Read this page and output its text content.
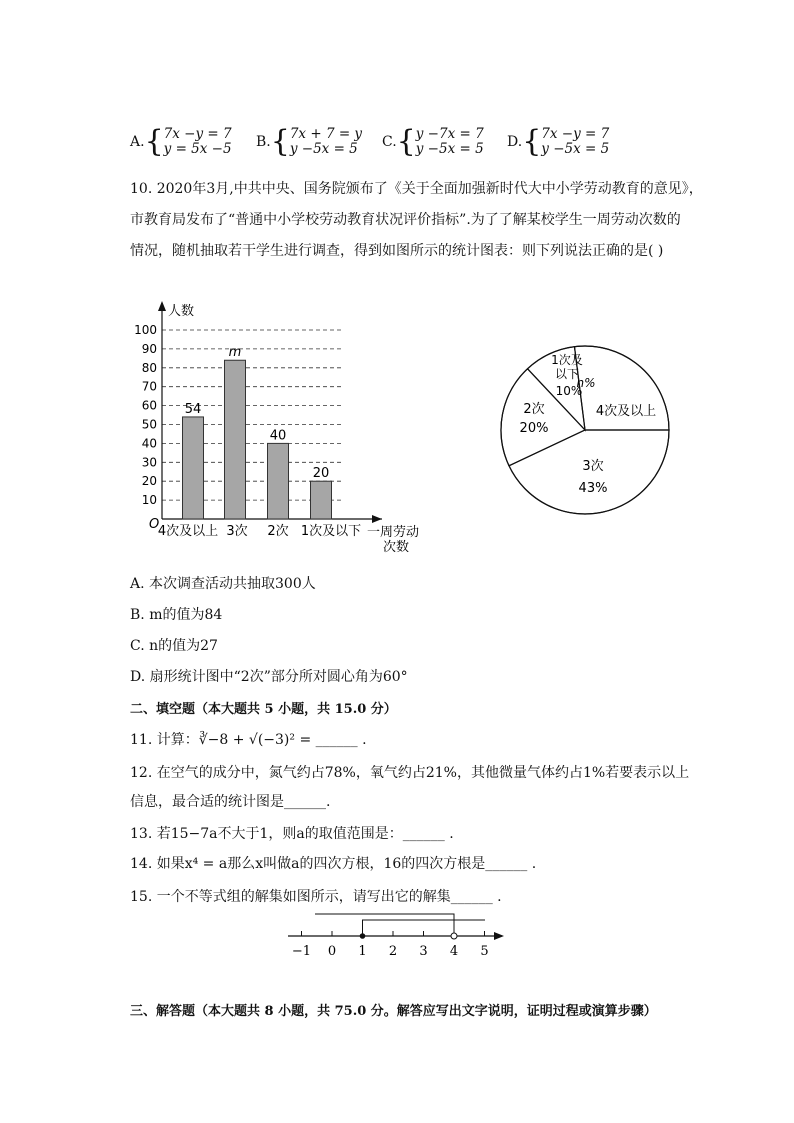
A.{7x −y = 7
y = 5x −5 B.{7x + 7 = y
y −5x = 5	C.{y −7x = 7
y −5x = 5 D.{7x −y = 7
y −5x = 5
10. 2020年3月,中共中央、国务院颁布了《关于全面加强新时代大中小学劳动教育的意见》，
市教育局发布了“普通中小学校劳动教育状况评价指标”.为了了解某校学生一周劳动次数的
情况，随机抽取若干学生进行调查，得到如图所示的统计图表：则下列说法正确的是( )
10
20
30
40
50
60
70
80
90
100
人数
O
一周劳动
次数
54
m
40
20
4次及以上 3次 2次 1次及以下
n%
4次及以上
3次
43%
2次
20%
1次及
以下
10%
A. 本次调查活动共抽取300人
B. m的值为84
C. n的值为27
D. 扇形统计图中“2次”部分所对圆心角为60°
二、填空题（本大题共 5 小题，共 15.0 分）
11. 计算：∛−8 + √(−3)² = ______ .
12. 在空气的成分中，氮气约占78%，氧气约占21%，其他微量气体约占1%若要表示以上
信息，最合适的统计图是______.
13. 若15−7a不大于1，则a的取值范围是：______ .
14. 如果x⁴ = a那么x叫做a的四次方根，16的四次方根是______ .
15. 一个不等式组的解集如图所示，请写出它的解集______ .
−1 0 1 2 3 4 5
三、解答题（本大题共 8 小题，共 75.0 分。解答应写出文字说明，证明过程或演算步骤）
